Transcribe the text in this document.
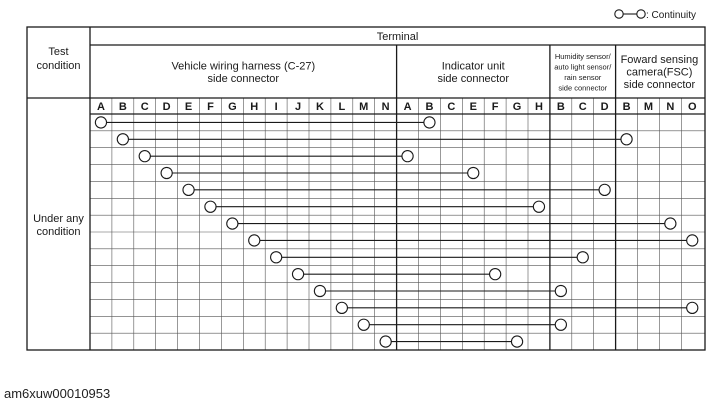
: Continuity
Test
condition
Terminal
Vehicle wiring harness (C-27)
side connector
Indicator unit
side connector
Humidity sensor/
auto light sensor/
rain sensor
side connector
Foward sensing
camera(FSC)
side connector
A B C D E F G H I J K L M N A B C E F G H B C D B M N O
Under any
condition
am6xuw00010953
